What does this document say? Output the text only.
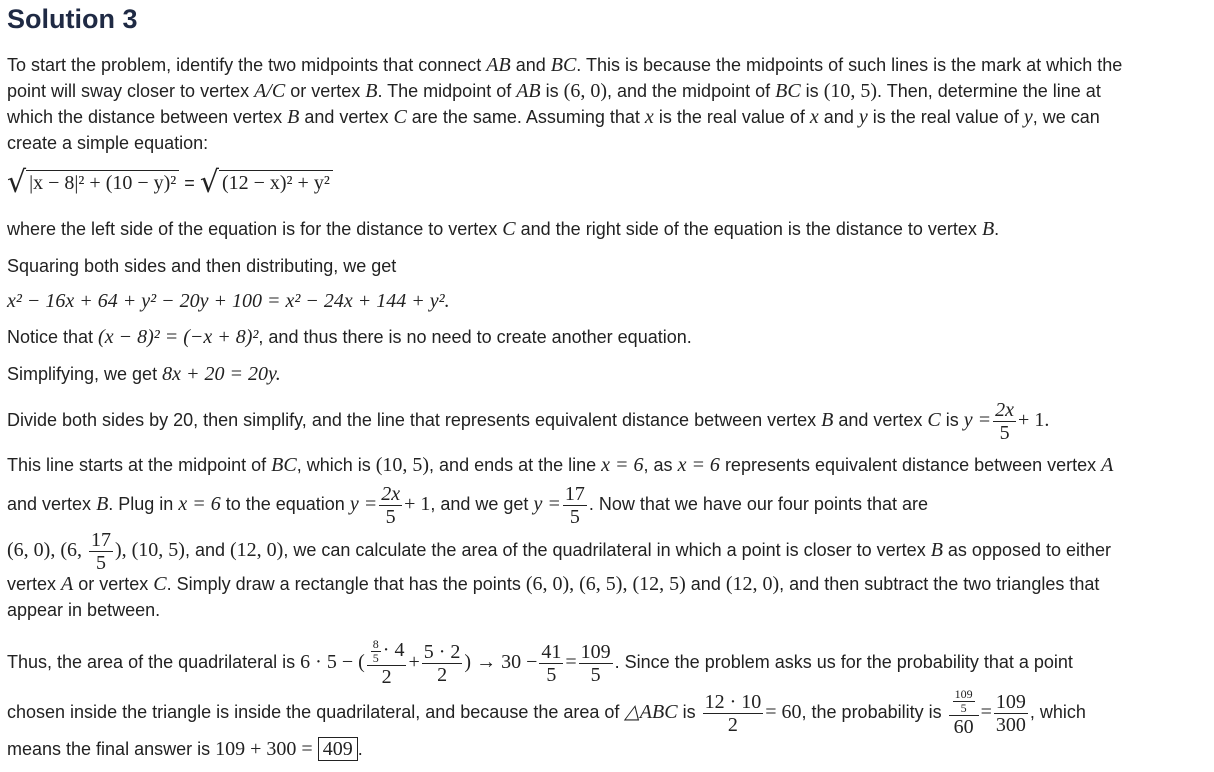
Solution 3
To start the problem, identify the two midpoints that connect AB and BC. This is because the midpoints of such lines is the mark at which the
point will sway closer to vertex A/C or vertex B. The midpoint of AB is (6, 0), and the midpoint of BC is (10, 5). Then, determine the line at
which the distance between vertex B and vertex C are the same. Assuming that x is the real value of x and y is the real value of y, we can
create a simple equation:
√ |x − 8|² + (10 − y)² = √ (12 − x)² + y²
where the left side of the equation is for the distance to vertex C and the right side of the equation is the distance to vertex B.
Squaring both sides and then distributing, we get
x² − 16x + 64 + y² − 20y + 100 = x² − 24x + 144 + y².
Notice that (x − 8)² = (−x + 8)², and thus there is no need to create another equation.
Simplifying, we get 8x + 20 = 20y.
Divide both sides by 20, then simplify, and the line that represents equivalent distance between vertex B and vertex C is $y = \frac{2x}{5} + 1$.
This line starts at the midpoint of BC, which is (10, 5), and ends at the line x = 6, as x = 6 represents equivalent distance between vertex A
and vertex B. Plug in x = 6 to the equation $y = \frac{2x}{5} + 1$, and we get $y = \frac{17}{5}$ . Now that we have our four points that are
(6, 0), (6, $\frac{17}{5}$ ), (10, 5), and (12, 0), we can calculate the area of the quadrilateral in which a point is closer to vertex B as opposed to either
vertex A or vertex C. Simply draw a rectangle that has the points (6, 0), (6, 5), (12, 5) and (12, 0), and then subtract the two triangles that
appear in between.
Thus, the area of the quadrilateral is 6 · 5 − ( $\frac{\frac{8}{5} \cdot 4}{2} + \frac{5 \cdot 2}{2}$ ) → $30 - \frac{41}{5} = \frac{109}{5}$ . Since the problem asks us for the probability that a point
chosen inside the triangle is inside the quadrilateral, and because the area of △ABC is $\frac{12 \cdot 10}{2} = 60$, the probability is $\frac{\frac{109}{5}}{60} = \frac{109}{300}$ , which
means the final answer is 109 + 300 = 409 .
